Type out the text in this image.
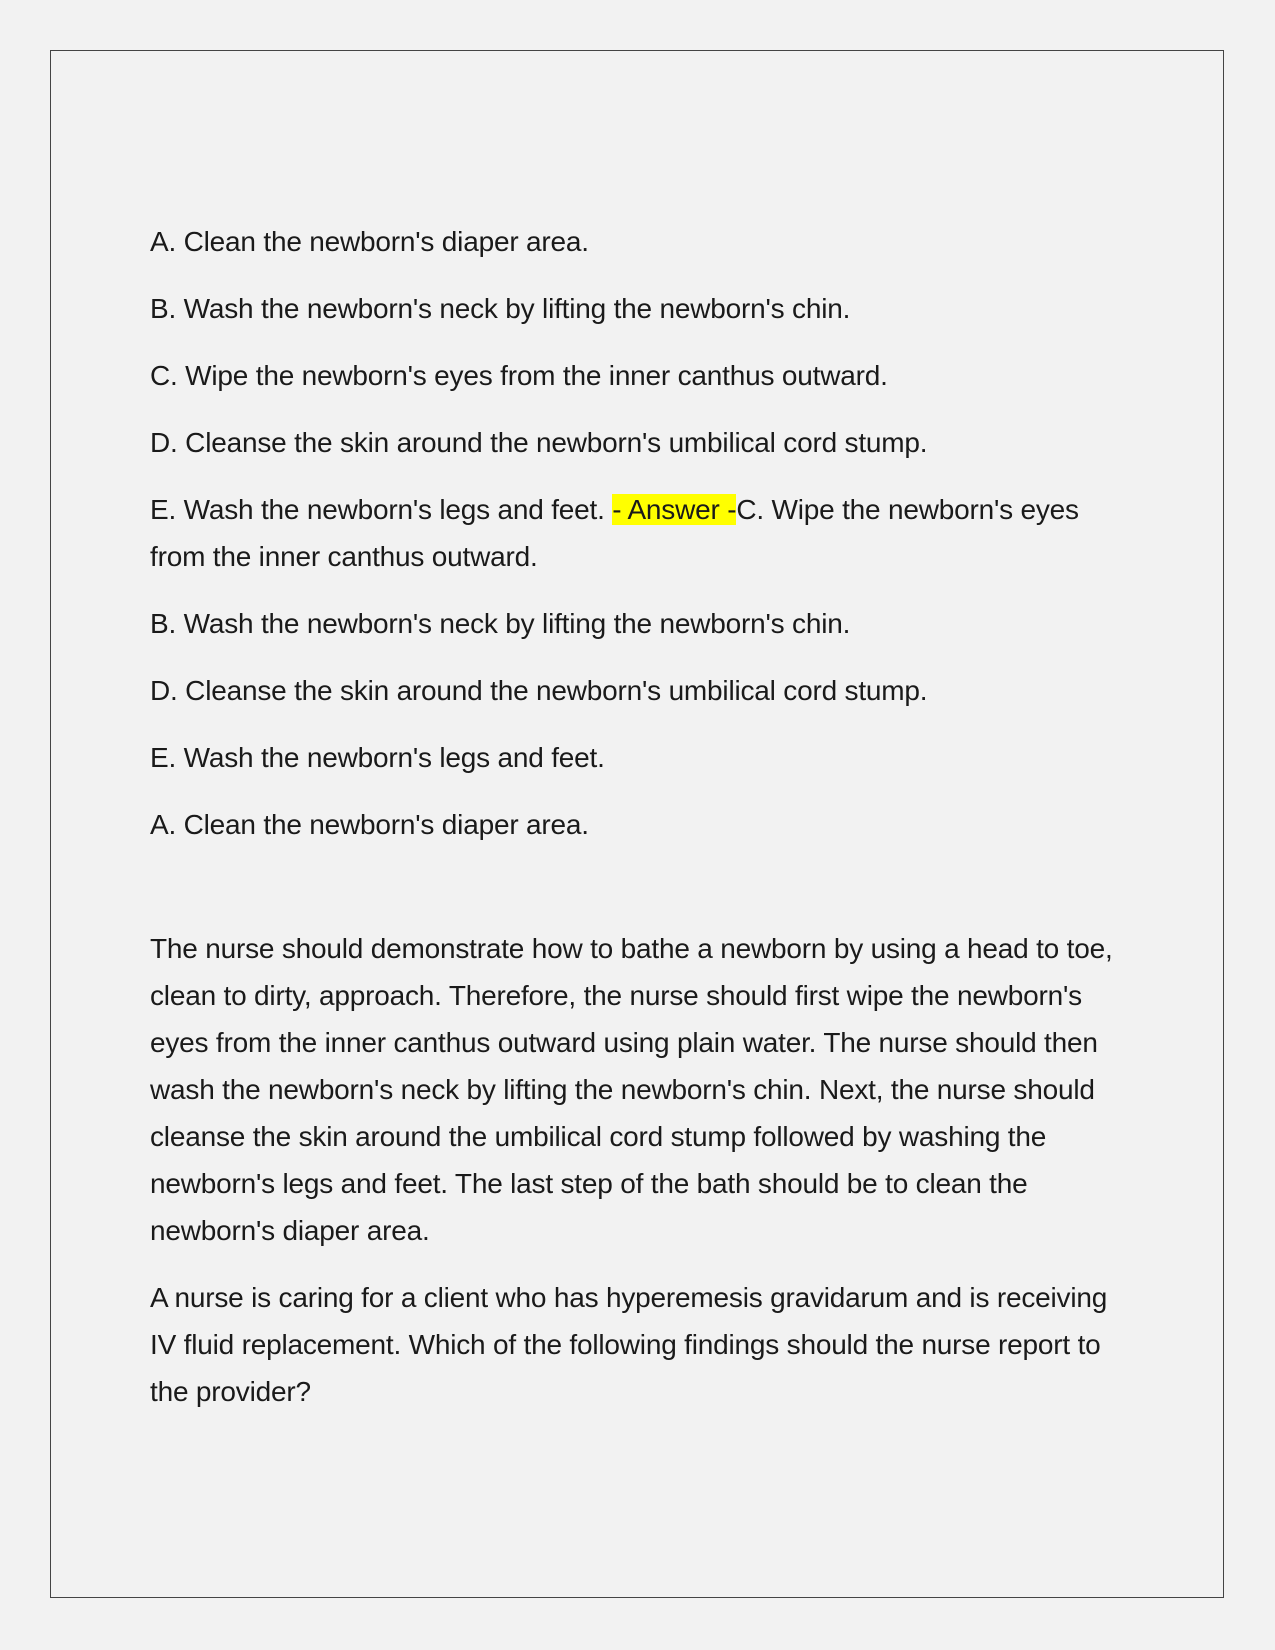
A. Clean the newborn's diaper area.

B. Wash the newborn's neck by lifting the newborn's chin.

C. Wipe the newborn's eyes from the inner canthus outward.

D. Cleanse the skin around the newborn's umbilical cord stump.

E. Wash the newborn's legs and feet. - Answer -C. Wipe the newborn's eyes from the inner canthus outward.

B. Wash the newborn's neck by lifting the newborn's chin.

D. Cleanse the skin around the newborn's umbilical cord stump.

E. Wash the newborn's legs and feet.

A. Clean the newborn's diaper area.

The nurse should demonstrate how to bathe a newborn by using a head to toe, clean to dirty, approach. Therefore, the nurse should first wipe the newborn's eyes from the inner canthus outward using plain water. The nurse should then wash the newborn's neck by lifting the newborn's chin. Next, the nurse should cleanse the skin around the umbilical cord stump followed by washing the newborn's legs and feet. The last step of the bath should be to clean the newborn's diaper area.

A nurse is caring for a client who has hyperemesis gravidarum and is receiving IV fluid replacement. Which of the following findings should the nurse report to the provider?
